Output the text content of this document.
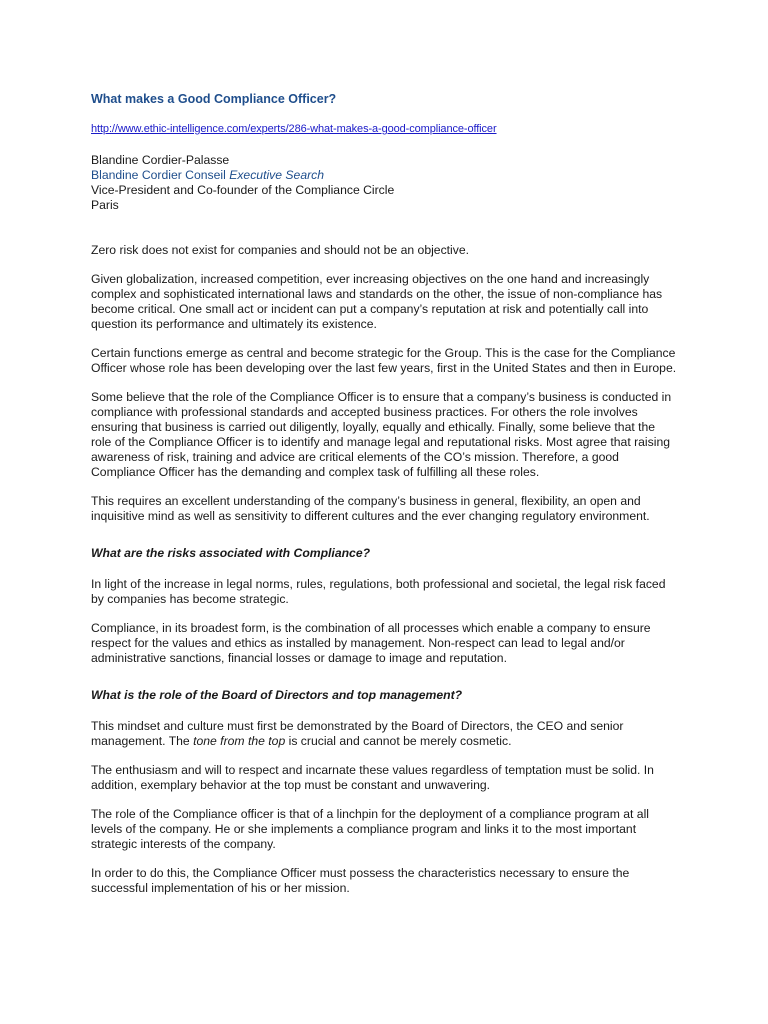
What makes a Good Compliance Officer?
http://www.ethic-intelligence.com/experts/286-what-makes-a-good-compliance-officer
Blandine Cordier-Palasse
Blandine Cordier Conseil Executive Search
Vice-President and Co-founder of the Compliance Circle
Paris

Zero risk does not exist for companies and should not be an objective.

Given globalization, increased competition, ever increasing objectives on the one hand and increasingly complex and sophisticated international laws and standards on the other, the issue of non-compliance has become critical. One small act or incident can put a company’s reputation at risk and potentially call into question its performance and ultimately its existence.

Certain functions emerge as central and become strategic for the Group. This is the case for the Compliance Officer whose role has been developing over the last few years, first in the United States and then in Europe.

Some believe that the role of the Compliance Officer is to ensure that a company’s business is conducted in compliance with professional standards and accepted business practices. For others the role involves ensuring that business is carried out diligently, loyally, equally and ethically. Finally, some believe that the role of the Compliance Officer is to identify and manage legal and reputational risks. Most agree that raising awareness of risk, training and advice are critical elements of the CO’s mission. Therefore, a good Compliance Officer has the demanding and complex task of fulfilling all these roles.

This requires an excellent understanding of the company’s business in general, flexibility, an open and inquisitive mind as well as sensitivity to different cultures and the ever changing regulatory environment.

What are the risks associated with Compliance?

In light of the increase in legal norms, rules, regulations, both professional and societal, the legal risk faced by companies has become strategic.

Compliance, in its broadest form, is the combination of all processes which enable a company to ensure respect for the values and ethics as installed by management. Non-respect can lead to legal and/or administrative sanctions, financial losses or damage to image and reputation.

What is the role of the Board of Directors and top management?

This mindset and culture must first be demonstrated by the Board of Directors, the CEO and senior management. The tone from the top is crucial and cannot be merely cosmetic.

The enthusiasm and will to respect and incarnate these values regardless of temptation must be solid. In addition, exemplary behavior at the top must be constant and unwavering.

The role of the Compliance officer is that of a linchpin for the deployment of a compliance program at all levels of the company. He or she implements a compliance program and links it to the most important strategic interests of the company.

In order to do this, the Compliance Officer must possess the characteristics necessary to ensure the successful implementation of his or her mission.
